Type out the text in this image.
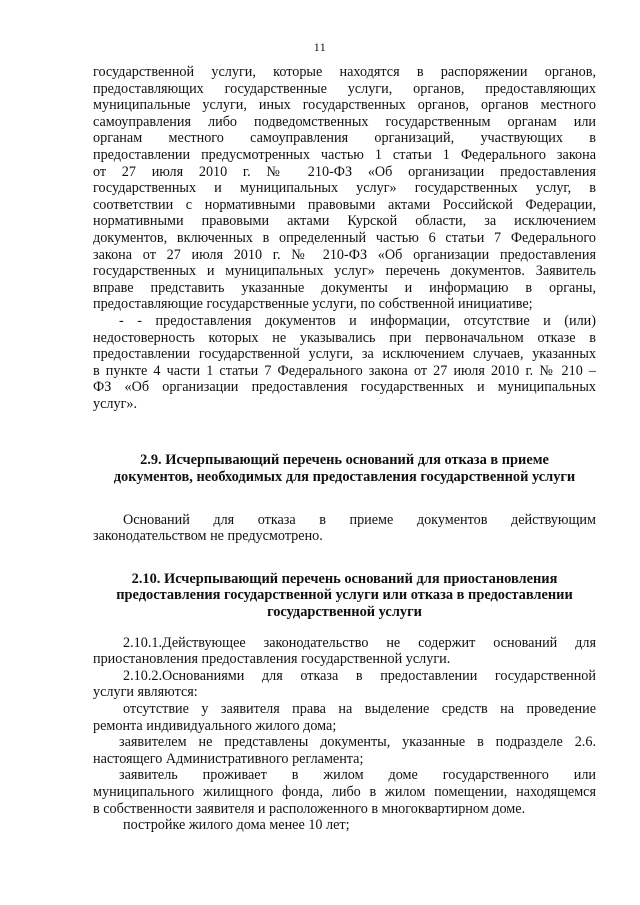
11
государственной услуги, которые находятся в распоряжении органов,
предоставляющих государственные услуги, органов, предоставляющих
муниципальные услуги, иных государственных органов, органов местного
самоуправления либо подведомственных государственным органам или
органам местного самоуправления организаций, участвующих в
предоставлении предусмотренных частью 1 статьи 1 Федерального закона
от 27 июля 2010 г. № 210-ФЗ «Об организации предоставления
государственных и муниципальных услуг» государственных услуг, в
соответствии с нормативными правовыми актами Российской Федерации,
нормативными правовыми актами Курской области, за исключением
документов, включенных в определенный частью 6 статьи 7 Федерального
закона от 27 июля 2010 г. № 210-ФЗ «Об организации предоставления
государственных и муниципальных услуг» перечень документов. Заявитель
вправе представить указанные документы и информацию в органы,
предоставляющие государственные услуги, по собственной инициативе;
- - предоставления документов и информации, отсутствие и (или)
недостоверность которых не указывались при первоначальном отказе в
предоставлении государственной услуги, за исключением случаев, указанных
в пункте 4 части 1 статьи 7 Федерального закона от 27 июля 2010 г. № 210 –
ФЗ «Об организации предоставления государственных и муниципальных
услуг».
2.9. Исчерпывающий перечень оснований для отказа в приеме
документов, необходимых для предоставления государственной услуги
Оснований для отказа в приеме документов действующим
законодательством не предусмотрено.
2.10. Исчерпывающий перечень оснований для приостановления
предоставления государственной услуги или отказа в предоставлении
государственной услуги
2.10.1.Действующее законодательство не содержит оснований для
приостановления предоставления государственной услуги.
2.10.2.Основаниями для отказа в предоставлении государственной
услуги являются:
отсутствие у заявителя права на выделение средств на проведение
ремонта индивидуального жилого дома;
заявителем не представлены документы, указанные в подразделе 2.6.
настоящего Административного регламента;
заявитель проживает в жилом доме государственного или
муниципального жилищного фонда, либо в жилом помещении, находящемся
в собственности заявителя и расположенного в многоквартирном доме.
постройке жилого дома менее 10 лет;
